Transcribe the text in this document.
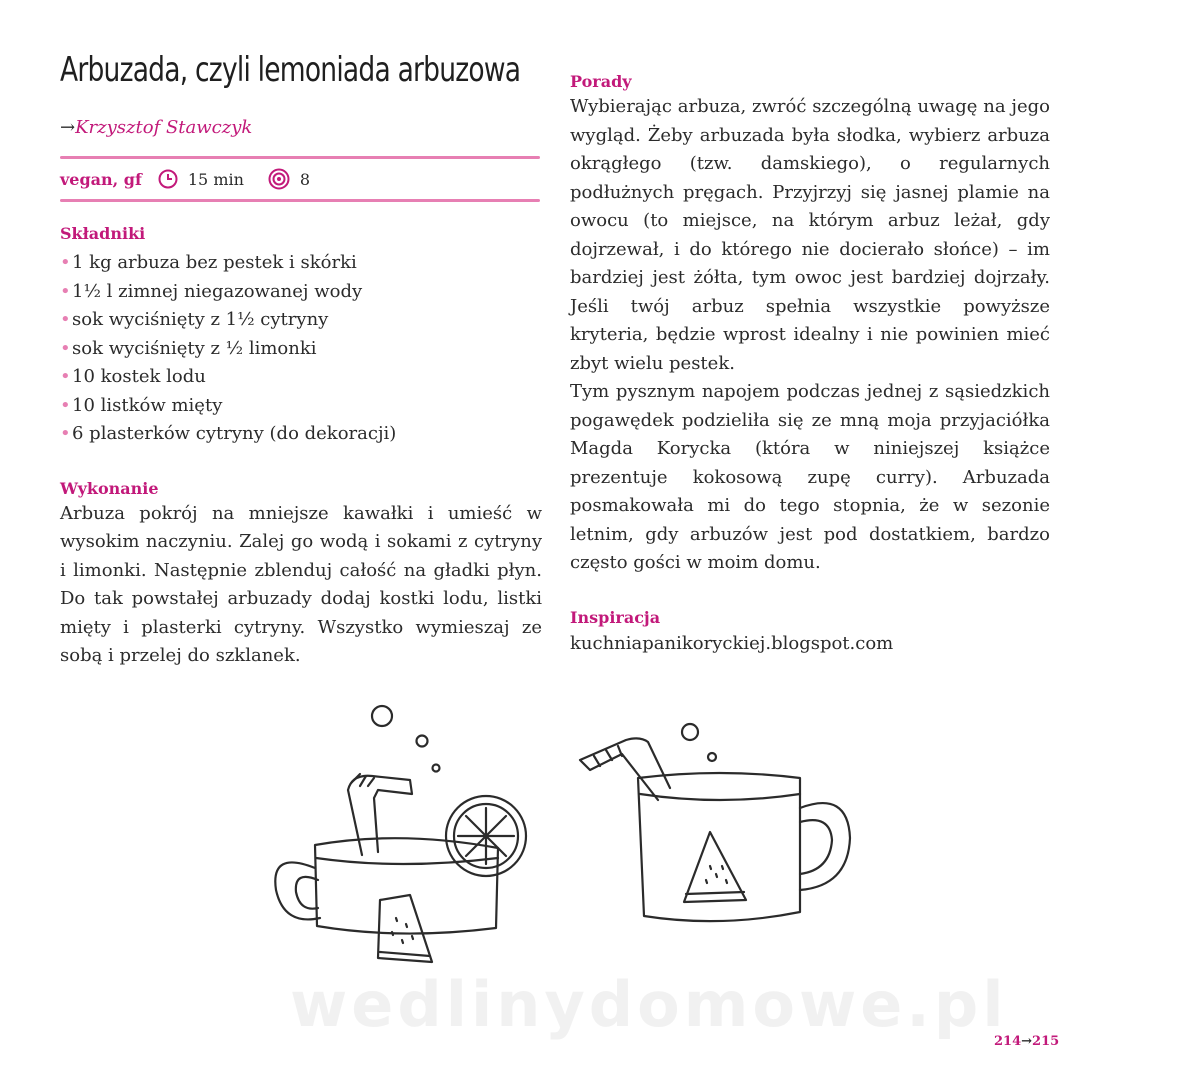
Arbuzada, czyli lemoniada arbuzowa
→Krzysztof Stawczyk
vegan, gf	15 min	8
Składniki
• 1 kg arbuza bez pestek i skórki
• 1½ l zimnej niegazowanej wody
• sok wyciśnięty z 1½ cytryny
• sok wyciśnięty z ½ limonki
• 10 kostek lodu
• 10 listków mięty
• 6 plasterków cytryny (do dekoracji)
Wykonanie

Arbuza pokrój na mniejsze kawałki i umieść w wysokim naczyniu. Zalej go wodą i sokami z cytryny i limonki. Następnie zblenduj całość na gładki płyn. Do tak powstałej arbuzady dodaj kostki lodu, listki mięty i plasterki cytryny. Wszystko wymieszaj ze sobą i przelej do szklanek.

Porady

Wybierając arbuza, zwróć szczególną uwagę na jego wygląd. Żeby arbuzada była słodka, wybierz arbuza okrągłego (tzw. damskiego), o regularnych podłużnych pręgach. Przyjrzyj się jasnej plamie na owocu (to miejsce, na którym arbuz leżał, gdy dojrzewał, i do którego nie docierało słońce) – im bardziej jest żółta, tym owoc jest bardziej dojrzały. Jeśli twój arbuz spełnia wszystkie powyższe kryteria, będzie wprost idealny i nie powinien mieć zbyt wielu pestek.

Tym pysznym napojem podczas jednej z sąsiedzkich pogawędek podzieliła się ze mną moja przyjaciółka Magda Korycka (która w niniejszej książce prezentuje kokosową zupę curry). Arbuzada posmakowała mi do tego stopnia, że w sezonie letnim, gdy arbuzów jest pod dostatkiem, bardzo często gości w moim domu.

Inspiracja
kuchniapanikoryckiej.blogspot.com
wedlinydomowe.pl
214→215
